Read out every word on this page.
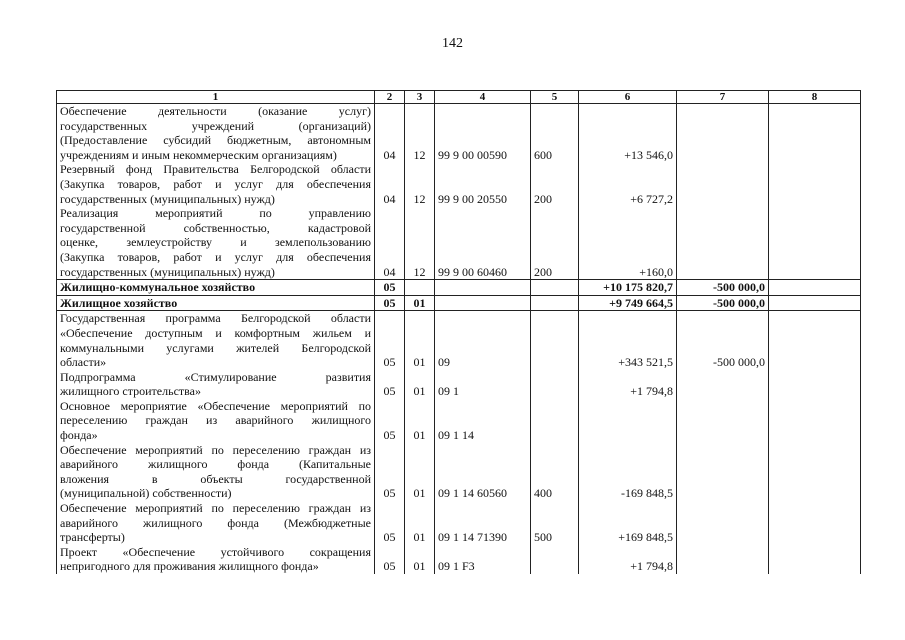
142
1	2	3	4	5	6	7	8

Обеспечение деятельности (оказание услуг)
государственных учреждений (организаций)
(Предоставление субсидий бюджетным, автономным
учреждениям и иным некоммерческим организациям)	04	12	99 9 00 00590	600	+13 546,0		

Резервный фонд Правительства Белгородской области
(Закупка товаров, работ и услуг для обеспечения
государственных (муниципальных) нужд)	04	12	99 9 00 20550	200	+6 727,2		

Реализация мероприятий по управлению
государственной собственностью, кадастровой
оценке, землеустройству и землепользованию
(Закупка товаров, работ и услуг для обеспечения
государственных (муниципальных) нужд)	04	12	99 9 00 60460	200	+160,0		

Жилищно-коммунальное хозяйство	05				+10 175 820,7	-500 000,0	

Жилищное хозяйство	05	01			+9 749 664,5	-500 000,0	

Государственная программа Белгородской области
«Обеспечение доступным и комфортным жильем и
коммунальными услугами жителей Белгородской
области»	05	01	09		+343 521,5	-500 000,0	

Подпрограмма «Стимулирование развития
жилищного строительства»	05	01	09 1		+1 794,8		

Основное мероприятие «Обеспечение мероприятий по
переселению граждан из аварийного жилищного
фонда»	05	01	09 1 14				

Обеспечение мероприятий по переселению граждан из
аварийного жилищного фонда (Капитальные
вложения в объекты государственной
(муниципальной) собственности)	05	01	09 1 14 60560	400	-169 848,5		

Обеспечение мероприятий по переселению граждан из
аварийного жилищного фонда (Межбюджетные
трансферты)	05	01	09 1 14 71390	500	+169 848,5		

Проект «Обеспечение устойчивого сокращения
непригодного для проживания жилищного фонда»	05	01	09 1 F3		+1 794,8		
